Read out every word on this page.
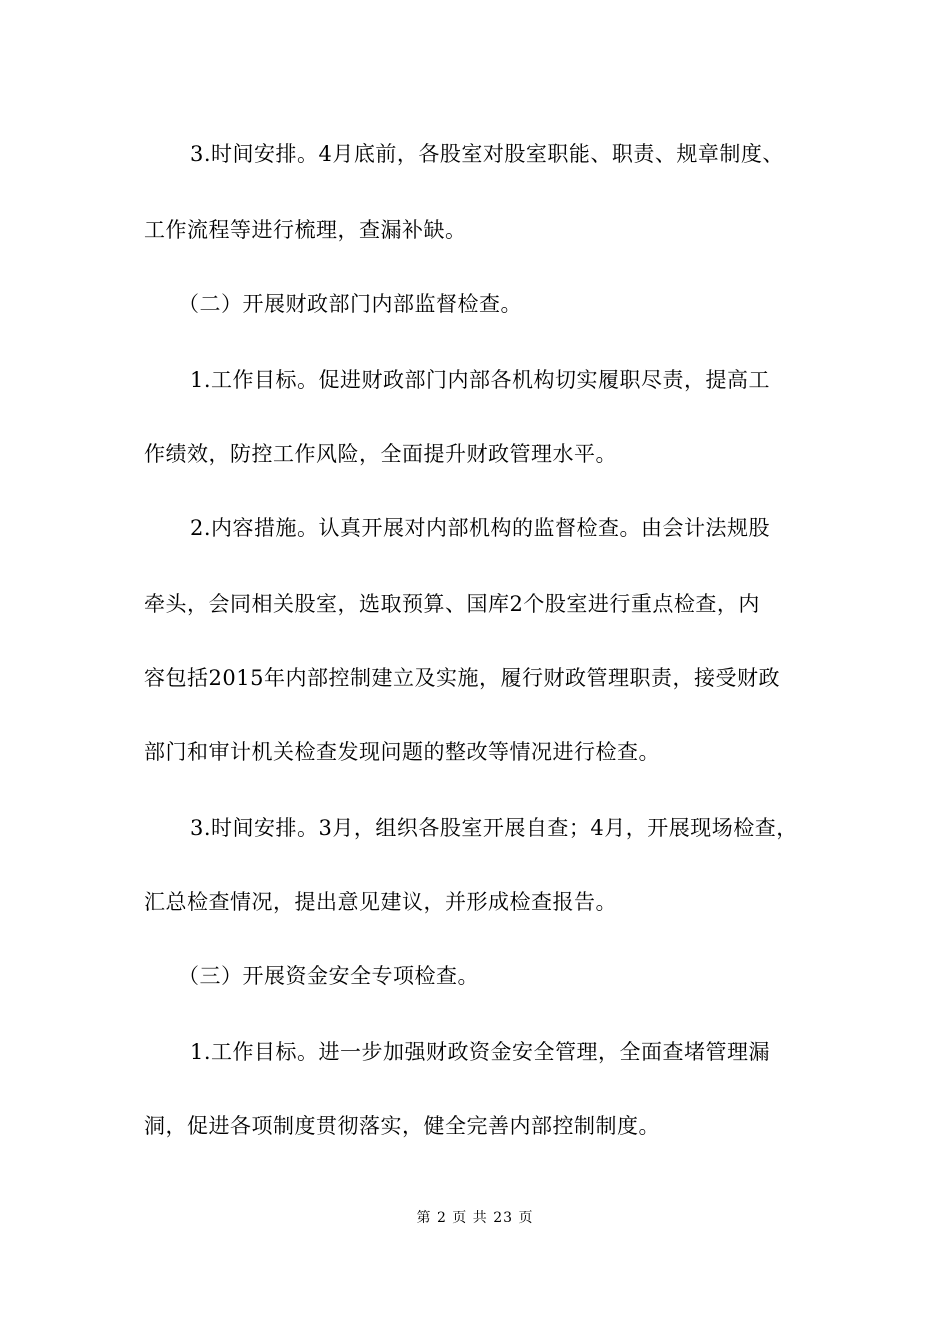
3.时间安排。4月底前，各股室对股室职能、职责、规章制度、
工作流程等进行梳理，查漏补缺。
（二）开展财政部门内部监督检查。
1.工作目标。促进财政部门内部各机构切实履职尽责，提高工
作绩效，防控工作风险，全面提升财政管理水平。
2.内容措施。认真开展对内部机构的监督检查。由会计法规股
牵头，会同相关股室，选取预算、国库2个股室进行重点检查，内
容包括2015年内部控制建立及实施，履行财政管理职责，接受财政
部门和审计机关检查发现问题的整改等情况进行检查。
3.时间安排。3月，组织各股室开展自查；4月，开展现场检查，
汇总检查情况，提出意见建议，并形成检查报告。
（三）开展资金安全专项检查。
1.工作目标。进一步加强财政资金安全管理，全面查堵管理漏
洞，促进各项制度贯彻落实，健全完善内部控制制度。
第 2 页 共 23 页
